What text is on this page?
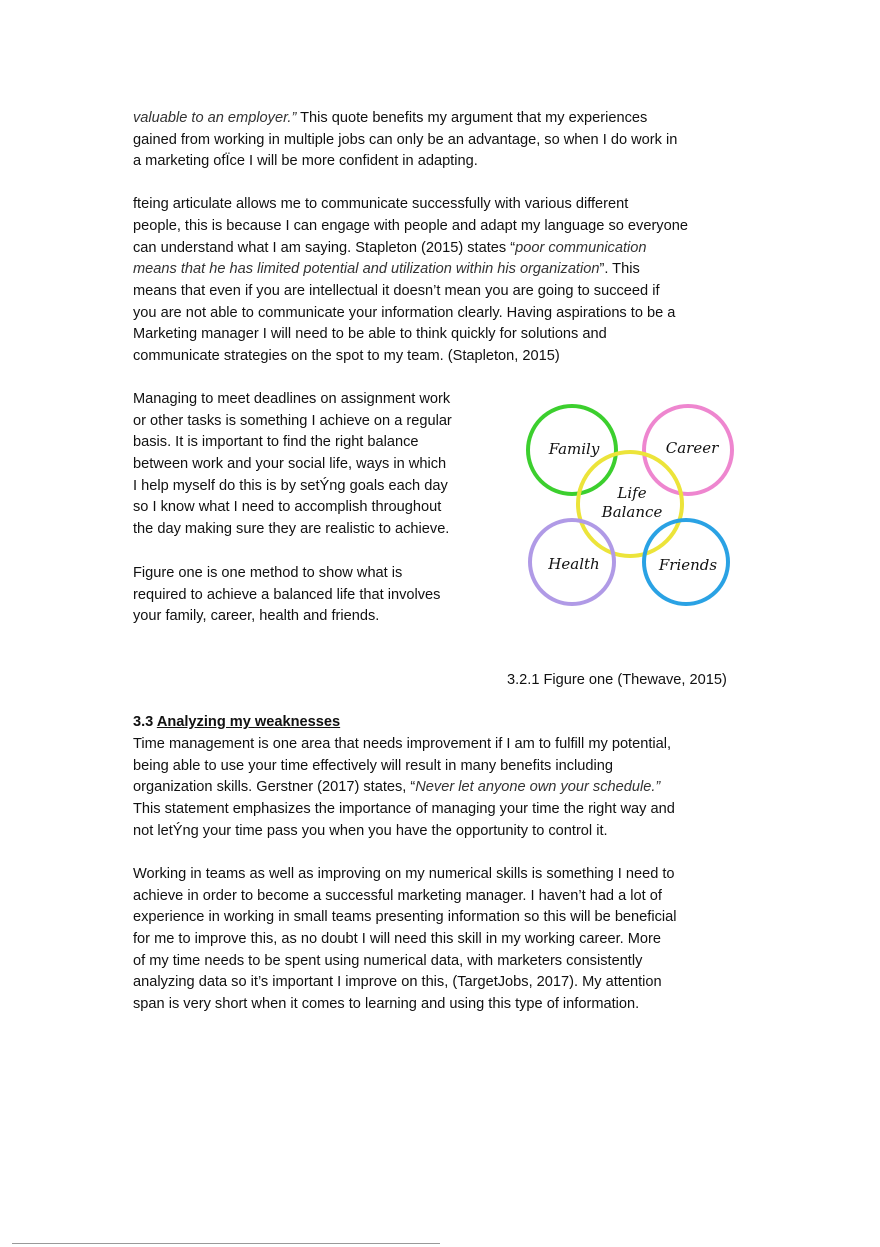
valuable to an employer.” This quote benefits my argument that my experiences
gained from working in multiple jobs can only be an advantage, so when I do work in
a marketing ofÏce I will be more confident in adapting.
fteing articulate allows me to communicate successfully with various different
people, this is because I can engage with people and adapt my language so everyone
can understand what I am saying. Stapleton (2015) states “poor communication
means that he has limited potential and utilization within his organization”. This
means that even if you are intellectual it doesn’t mean you are going to succeed if
you are not able to communicate your information clearly. Having aspirations to be a
Marketing manager I will need to be able to think quickly for solutions and
communicate strategies on the spot to my team. (Stapleton, 2015)
Managing to meet deadlines on assignment work
or other tasks is something I achieve on a regular
basis. It is important to find the right balance
between work and your social life, ways in which
I help myself do this is by setÝng goals each day
so I know what I need to accomplish throughout
the day making sure they are realistic to achieve.
Figure one is one method to show what is
required to achieve a balanced life that involves
your family, career, health and friends.
3.3 Analyzing my weaknesses
Time management is one area that needs improvement if I am to fulfill my potential,
being able to use your time effectively will result in many benefits including
organization skills. Gerstner (2017) states, “Never let anyone own your schedule.”
This statement emphasizes the importance of managing your time the right way and
not letÝng your time pass you when you have the opportunity to control it.
Working in teams as well as improving on my numerical skills is something I need to
achieve in order to become a successful marketing manager. I haven’t had a lot of
experience in working in small teams presenting information so this will be beneficial
for me to improve this, as no doubt I will need this skill in my working career. More
of my time needs to be spent using numerical data, with marketers consistently
analyzing data so it’s important I improve on this, (TargetJobs, 2017). My attention
span is very short when it comes to learning and using this type of information.
Family	Career
Life
Balance
Health	Friends
3.2.1 Figure one (Thewave, 2015)
